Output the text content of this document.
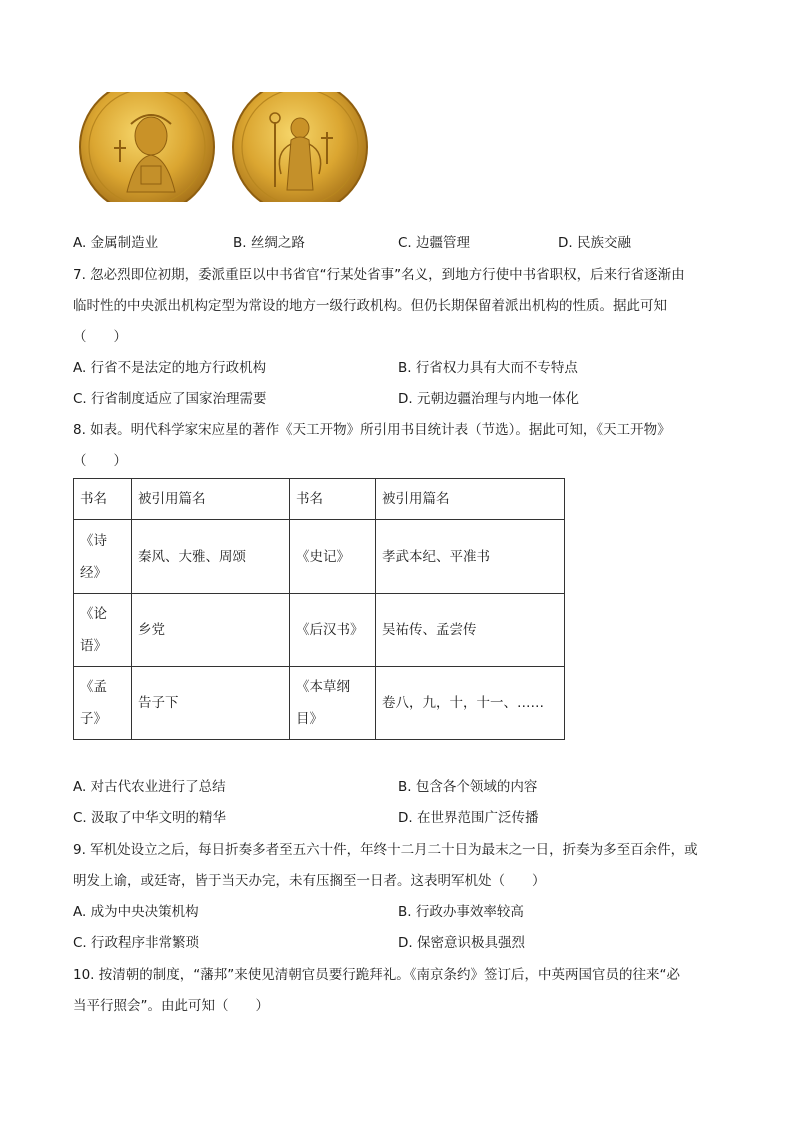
A. 金属制造业	B. 丝绸之路	C. 边疆管理	D. 民族交融
7. 忽必烈即位初期，委派重臣以中书省官“行某处省事”名义，到地方行使中书省职权，后来行省逐渐由
临时性的中央派出机构定型为常设的地方一级行政机构。但仍长期保留着派出机构的性质。据此可知
（　　）
A. 行省不是法定的地方行政机构	B. 行省权力具有大而不专特点
C. 行省制度适应了国家治理需要	D. 元朝边疆治理与内地一体化
8. 如表。明代科学家宋应星的著作《天工开物》所引用书目统计表（节选）。据此可知，《天工开物》
（　　）
书名	被引用篇名	书名	被引用篇名
《诗经》	秦风、大雅、周颂	《史记》	孝武本纪、平准书
《论语》	乡党	《后汉书》	吴祐传、孟尝传
《孟子》	告子下	《本草纲目》	卷八，九，十，十一、……
A. 对古代农业进行了总结	B. 包含各个领域的内容
C. 汲取了中华文明的精华	D. 在世界范围广泛传播
9. 军机处设立之后，每日折奏多者至五六十件，年终十二月二十日为最末之一日，折奏为多至百余件，或
明发上谕，或廷寄，皆于当天办完，未有压搁至一日者。这表明军机处（　　）
A. 成为中央决策机构	B. 行政办事效率较高
C. 行政程序非常繁琐	D. 保密意识极具强烈
10. 按清朝的制度，“藩邦”来使见清朝官员要行跪拜礼。《南京条约》签订后，中英两国官员的往来“必
当平行照会”。由此可知（　　）
